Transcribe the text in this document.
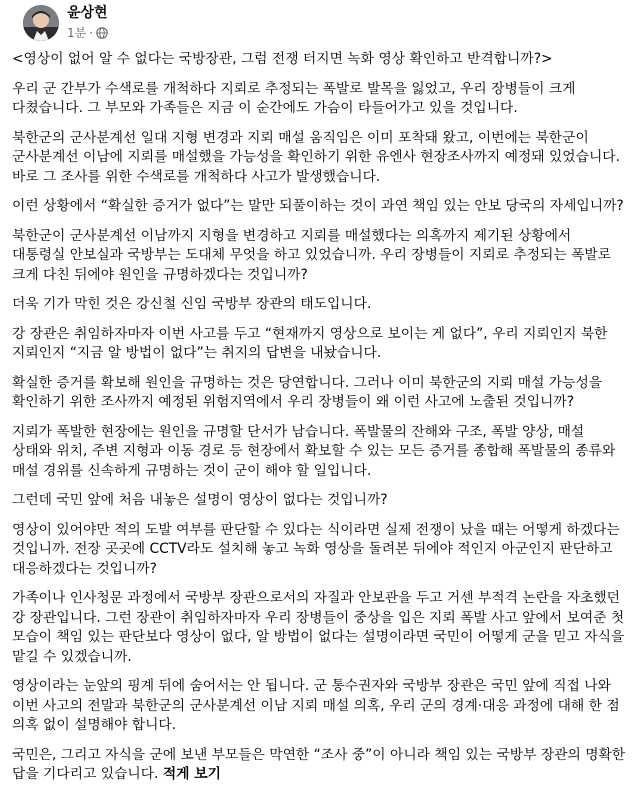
윤상현
1분 ·

<영상이 없어 알 수 없다는 국방장관, 그럼 전쟁 터지면 녹화 영상 확인하고 반격합니까?>

우리 군 간부가 수색로를 개척하다 지뢰로 추정되는 폭발로 발목을 잃었고, 우리 장병들이 크게 다쳤습니다. 그 부모와 가족들은 지금 이 순간에도 가슴이 타들어가고 있을 것입니다.

북한군의 군사분계선 일대 지형 변경과 지뢰 매설 움직임은 이미 포착돼 왔고, 이번에는 북한군이 군사분계선 이남에 지뢰를 매설했을 가능성을 확인하기 위한 유엔사 현장조사까지 예정돼 있었습니다. 바로 그 조사를 위한 수색로를 개척하다 사고가 발생했습니다.

이런 상황에서 “확실한 증거가 없다”는 말만 되풀이하는 것이 과연 책임 있는 안보 당국의 자세입니까?

북한군이 군사분계선 이남까지 지형을 변경하고 지뢰를 매설했다는 의혹까지 제기된 상황에서 대통령실 안보실과 국방부는 도대체 무엇을 하고 있었습니까. 우리 장병들이 지뢰로 추정되는 폭발로 크게 다친 뒤에야 원인을 규명하겠다는 것입니까?

더욱 기가 막힌 것은 강신철 신임 국방부 장관의 태도입니다.

강 장관은 취임하자마자 이번 사고를 두고 “현재까지 영상으로 보이는 게 없다”, 우리 지뢰인지 북한 지뢰인지 “지금 알 방법이 없다”는 취지의 답변을 내놨습니다.

확실한 증거를 확보해 원인을 규명하는 것은 당연합니다. 그러나 이미 북한군의 지뢰 매설 가능성을 확인하기 위한 조사까지 예정된 위험지역에서 우리 장병들이 왜 이런 사고에 노출된 것입니까?

지뢰가 폭발한 현장에는 원인을 규명할 단서가 남습니다. 폭발물의 잔해와 구조, 폭발 양상, 매설 상태와 위치, 주변 지형과 이동 경로 등 현장에서 확보할 수 있는 모든 증거를 종합해 폭발물의 종류와 매설 경위를 신속하게 규명하는 것이 군이 해야 할 일입니다.

그런데 국민 앞에 처음 내놓은 설명이 영상이 없다는 것입니까?

영상이 있어야만 적의 도발 여부를 판단할 수 있다는 식이라면 실제 전쟁이 났을 때는 어떻게 하겠다는 것입니까. 전장 곳곳에 CCTV라도 설치해 놓고 녹화 영상을 돌려본 뒤에야 적인지 아군인지 판단하고 대응하겠다는 것입니까?

가족이나 인사청문 과정에서 국방부 장관으로서의 자질과 안보관을 두고 거센 부적격 논란을 자초했던 강 장관입니다. 그런 장관이 취임하자마자 우리 장병들이 중상을 입은 지뢰 폭발 사고 앞에서 보여준 첫 모습이 책임 있는 판단보다 영상이 없다, 알 방법이 없다는 설명이라면 국민이 어떻게 군을 믿고 자식을 맡길 수 있겠습니까.

영상이라는 눈앞의 핑계 뒤에 숨어서는 안 됩니다. 군 통수권자와 국방부 장관은 국민 앞에 직접 나와 이번 사고의 전말과 북한군의 군사분계선 이남 지뢰 매설 의혹, 우리 군의 경계·대응 과정에 대해 한 점 의혹 없이 설명해야 합니다.

국민은, 그리고 자식을 군에 보낸 부모들은 막연한 “조사 중”이 아니라 책임 있는 국방부 장관의 명확한 답을 기다리고 있습니다. 적게 보기
